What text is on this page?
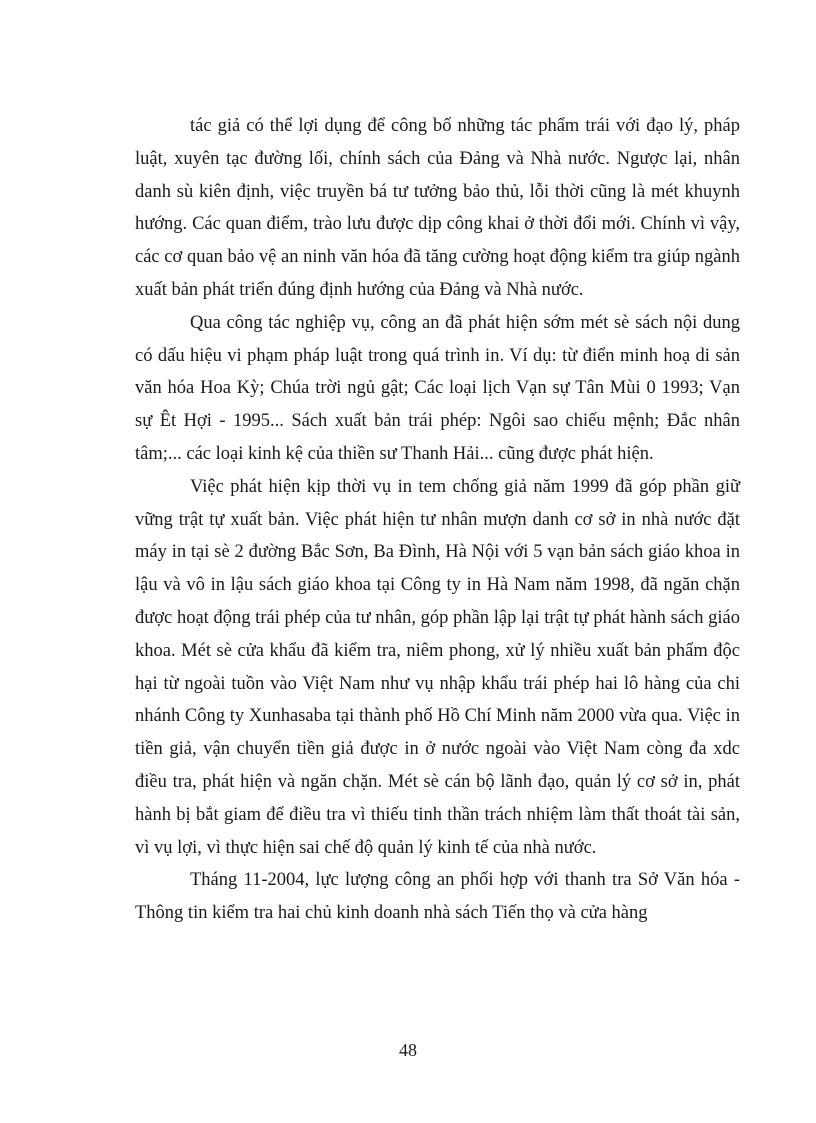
tác giả có thể lợi dụng để công bố những tác phẩm trái với đạo lý, pháp luật, xuyên tạc đường lối, chính sách của Đảng và Nhà nước. Ngược lại, nhân danh sù kiên định, việc truyền bá tư tưởng bảo thủ, lỗi thời cũng là mét khuynh hướng. Các quan điểm, trào lưu được dịp công khai ở thời đổi mới. Chính vì vậy, các cơ quan bảo vệ an ninh văn hóa đã tăng cường hoạt động kiểm tra giúp ngành xuất bản phát triển đúng định hướng của Đảng và Nhà nước.

Qua công tác nghiệp vụ, công an đã phát hiện sớm mét sè sách nội dung có dấu hiệu vi phạm pháp luật trong quá trình in. Ví dụ: từ điển minh hoạ di sản văn hóa Hoa Kỳ; Chúa trời ngủ gật; Các loại lịch Vạn sự Tân Mùi 0 1993; Vạn sự Êt Hợi - 1995... Sách xuất bản trái phép: Ngôi sao chiếu mệnh; Đắc nhân tâm;... các loại kinh kệ của thiền sư Thanh Hải... cũng được phát hiện.

Việc phát hiện kịp thời vụ in tem chống giả năm 1999 đã góp phần giữ vững trật tự xuất bản. Việc phát hiện tư nhân mượn danh cơ sở in nhà nước đặt máy in tại sè 2 đường Bắc Sơn, Ba Đình, Hà Nội với 5 vạn bản sách giáo khoa in lậu và vô in lậu sách giáo khoa tại Công ty in Hà Nam năm 1998, đã ngăn chặn được hoạt động trái phép của tư nhân, góp phần lập lại trật tự phát hành sách giáo khoa. Mét sè cửa khẩu đã kiểm tra, niêm phong, xử lý nhiều xuất bản phẩm độc hại từ ngoài tuồn vào Việt Nam như vụ nhập khẩu trái phép hai lô hàng của chi nhánh Công ty Xunhasaba tại thành phố Hồ Chí Minh năm 2000 vừa qua. Việc in tiền giả, vận chuyển tiền giả được in ở nước ngoài vào Việt Nam còng đa xdc điều tra, phát hiện và ngăn chặn. Mét sè cán bộ lãnh đạo, quản lý cơ sở in, phát hành bị bắt giam để điều tra vì thiếu tinh thần trách nhiệm làm thất thoát tài sản, vì vụ lợi, vì thực hiện sai chế độ quản lý kinh tế của nhà nước.

Tháng 11-2004, lực lượng công an phối hợp với thanh tra Sở Văn hóa - Thông tin kiểm tra hai chủ kinh doanh nhà sách Tiến thọ và cửa hàng

48
